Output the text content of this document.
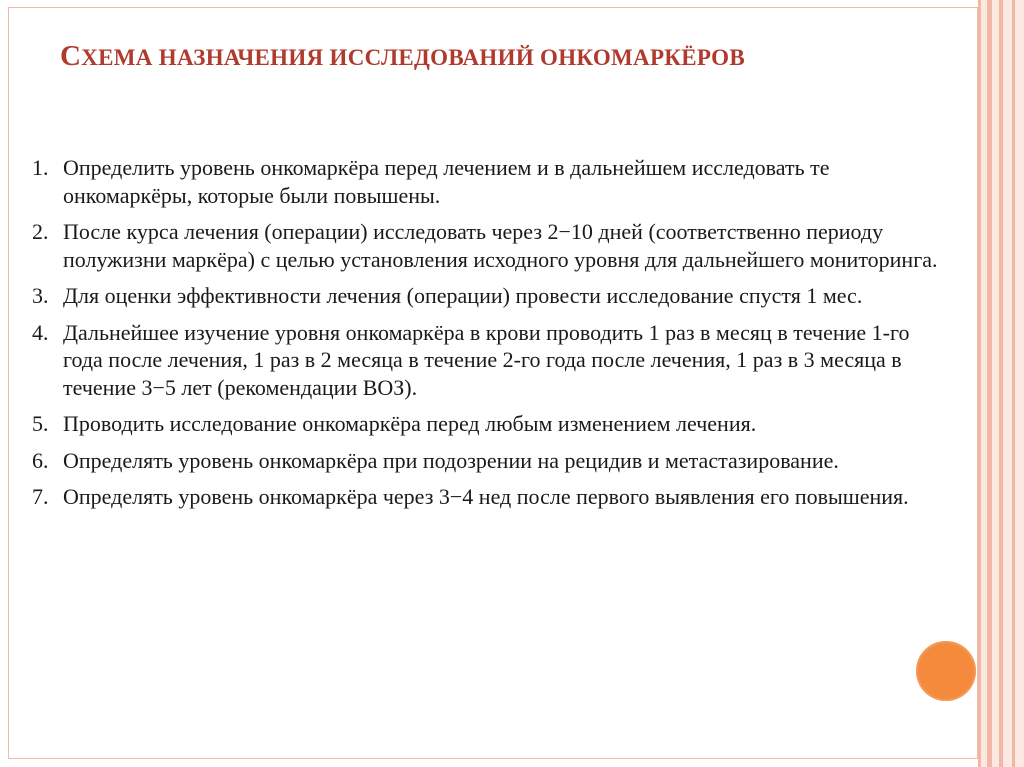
СХЕМА НАЗНАЧЕНИЯ ИССЛЕДОВАНИЙ ОНКОМАРКЁРОВ
1. Определить уровень онкомаркёра перед лечением и в дальнейшем исследовать те онкомаркёры, которые были повышены.
2. После курса лечения (операции) исследовать через 2−10 дней (соответственно периоду полужизни маркёра) с целью установления исходного уровня для дальнейшего мониторинга.
3. Для оценки эффективности лечения (операции) провести исследование спустя 1 мес.
4. Дальнейшее изучение уровня онкомаркёра в крови проводить 1 раз в месяц в течение 1-го года после лечения, 1 раз в 2 месяца в течение 2-го года после лечения, 1 раз в 3 месяца в течение 3−5 лет (рекомендации ВОЗ).
5. Проводить исследование онкомаркёра перед любым изменением лечения.
6. Определять уровень онкомаркёра при подозрении на рецидив и метастазирование.
7. Определять уровень онкомаркёра через 3−4 нед после первого выявления его повышения.
